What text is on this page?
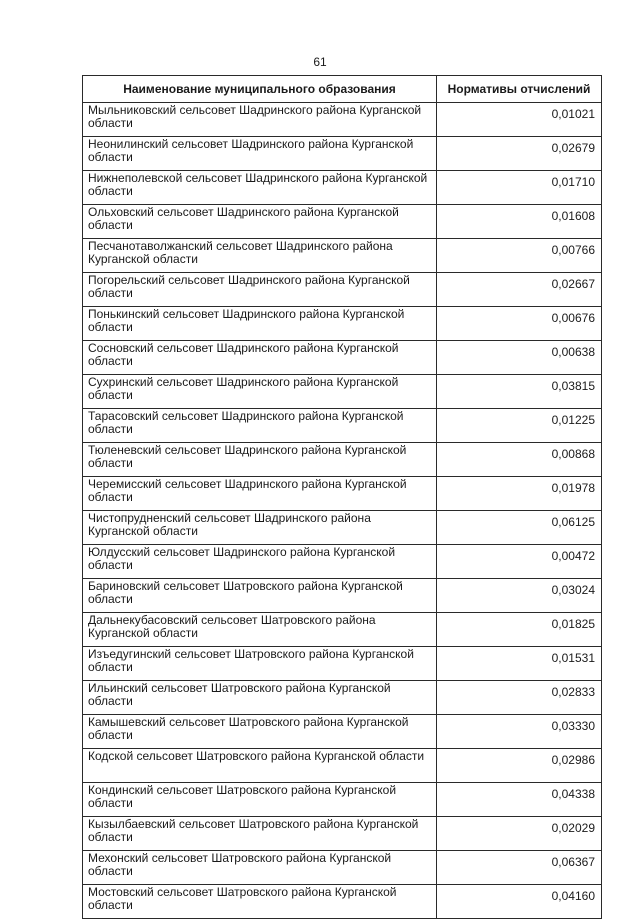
61
Наименование муниципального образования	Нормативы отчислений
Мыльниковский сельсовет Шадринского района Курганской области	0,01021
Неонилинский сельсовет Шадринского района Курганской области	0,02679
Нижнеполевской сельсовет Шадринского района Курганской области	0,01710
Ольховский сельсовет Шадринского района Курганской области	0,01608
Песчанотаволжанский сельсовет Шадринского района Курганской области	0,00766
Погорельский сельсовет Шадринского района Курганской области	0,02667
Понькинский сельсовет Шадринского района Курганской области	0,00676
Сосновский сельсовет Шадринского района Курганской области	0,00638
Сухринский сельсовет Шадринского района Курганской области	0,03815
Тарасовский сельсовет Шадринского района Курганской области	0,01225
Тюленевский сельсовет Шадринского района Курганской области	0,00868
Черемисский сельсовет Шадринского района Курганской области	0,01978
Чистопрудненский сельсовет Шадринского района Курганской области	0,06125
Юлдусский сельсовет Шадринского района Курганской области	0,00472
Бариновский сельсовет Шатровского района Курганской области	0,03024
Дальнекубасовский сельсовет Шатровского района Курганской области	0,01825
Изъедугинский сельсовет Шатровского района Курганской области	0,01531
Ильинский сельсовет Шатровского района Курганской области	0,02833
Камышевский сельсовет Шатровского района Курганской области	0,03330
Кодской сельсовет Шатровского района Курганской области	0,02986
Кондинский сельсовет Шатровского района Курганской области	0,04338
Кызылбаевский сельсовет Шатровского района Курганской области	0,02029
Мехонский сельсовет Шатровского района Курганской области	0,06367
Мостовский сельсовет Шатровского района Курганской области	0,04160
